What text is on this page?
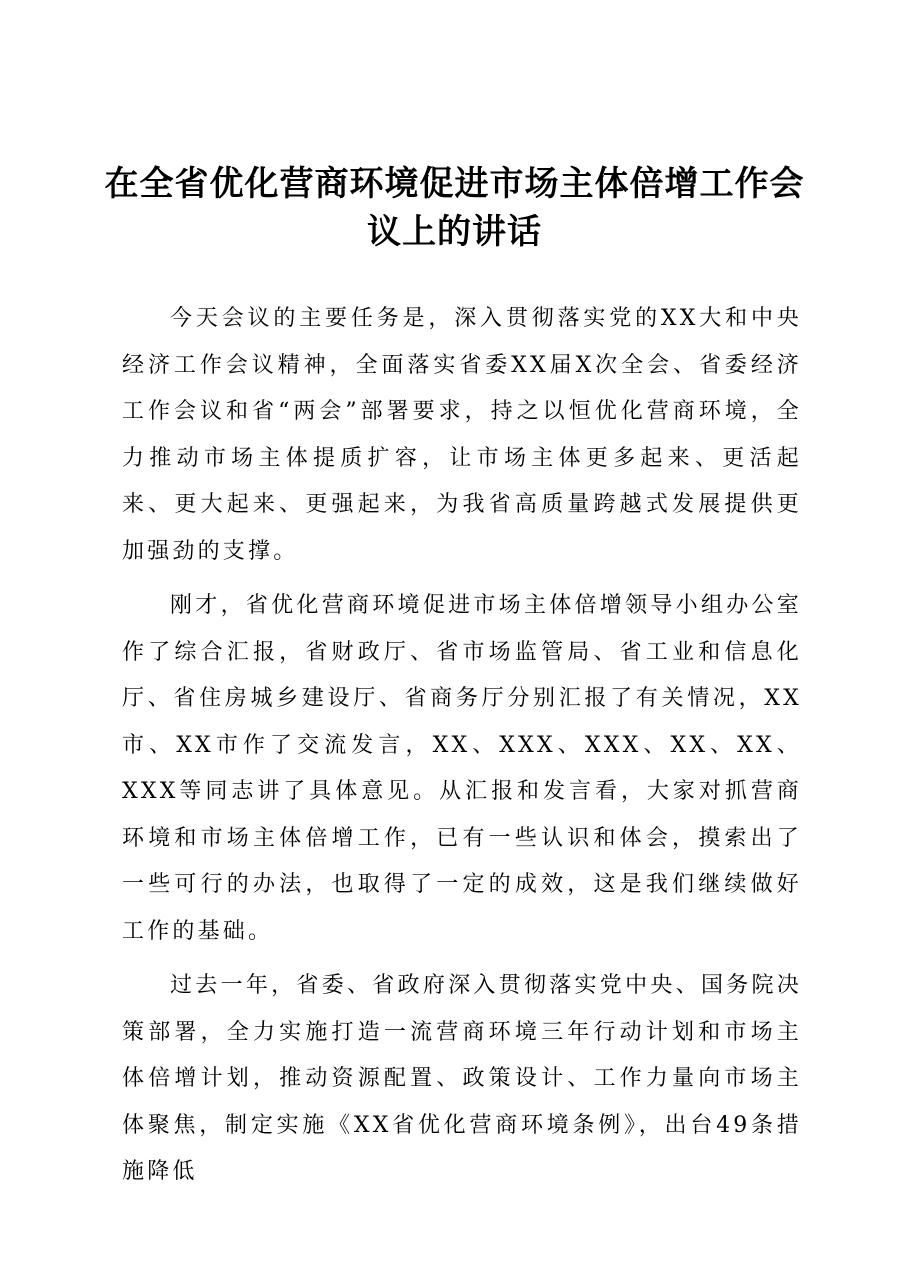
在全省优化营商环境促进市场主体倍增工作会
议上的讲话

今天会议的主要任务是，深入贯彻落实党的XX大和中央经济工作会议精神，全面落实省委XX届X次全会、省委经济工作会议和省“两会”部署要求，持之以恒优化营商环境，全力推动市场主体提质扩容，让市场主体更多起来、更活起来、更大起来、更强起来，为我省高质量跨越式发展提供更加强劲的支撑。

刚才，省优化营商环境促进市场主体倍增领导小组办公室作了综合汇报，省财政厅、省市场监管局、省工业和信息化厅、省住房城乡建设厅、省商务厅分别汇报了有关情况，XX市、XX市作了交流发言，XX、XXX、XXX、XX、XX、XXX等同志讲了具体意见。从汇报和发言看，大家对抓营商环境和市场主体倍增工作，已有一些认识和体会，摸索出了一些可行的办法，也取得了一定的成效，这是我们继续做好工作的基础。

过去一年，省委、省政府深入贯彻落实党中央、国务院决策部署，全力实施打造一流营商环境三年行动计划和市场主体倍增计划，推动资源配置、政策设计、工作力量向市场主体聚焦，制定实施《XX省优化营商环境条例》，出台49条措施降低
